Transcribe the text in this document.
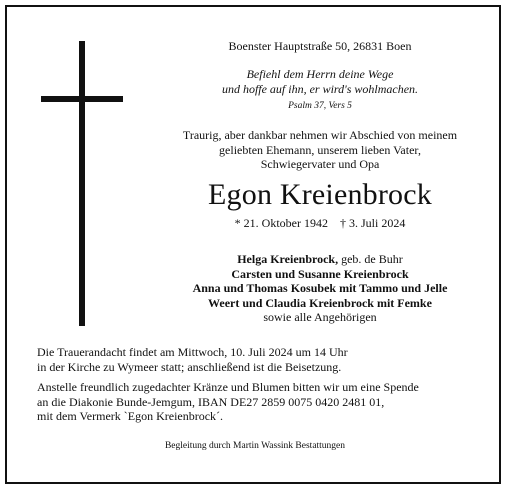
Boenster Hauptstraße 50, 26831 Boen
Befiehl dem Herrn deine Wege
und hoffe auf ihn, er wird's wohlmachen.
Psalm 37, Vers 5
Traurig, aber dankbar nehmen wir Abschied von meinem
geliebten Ehemann, unserem lieben Vater,
Schwiegervater und Opa
Egon Kreienbrock
* 21. Oktober 1942    † 3. Juli 2024
Helga Kreienbrock, geb. de Buhr
Carsten und Susanne Kreienbrock
Anna und Thomas Kosubek mit Tammo und Jelle
Weert und Claudia Kreienbrock mit Femke
sowie alle Angehörigen
Die Trauerandacht findet am Mittwoch, 10. Juli 2024 um 14 Uhr
in der Kirche zu Wymeer statt; anschließend ist die Beisetzung.
Anstelle freundlich zugedachter Kränze und Blumen bitten wir um eine Spende
an die Diakonie Bunde-Jemgum, IBAN DE27 2859 0075 0420 2481 01,
mit dem Vermerk `Egon Kreienbrock´.
Begleitung durch Martin Wassink Bestattungen
